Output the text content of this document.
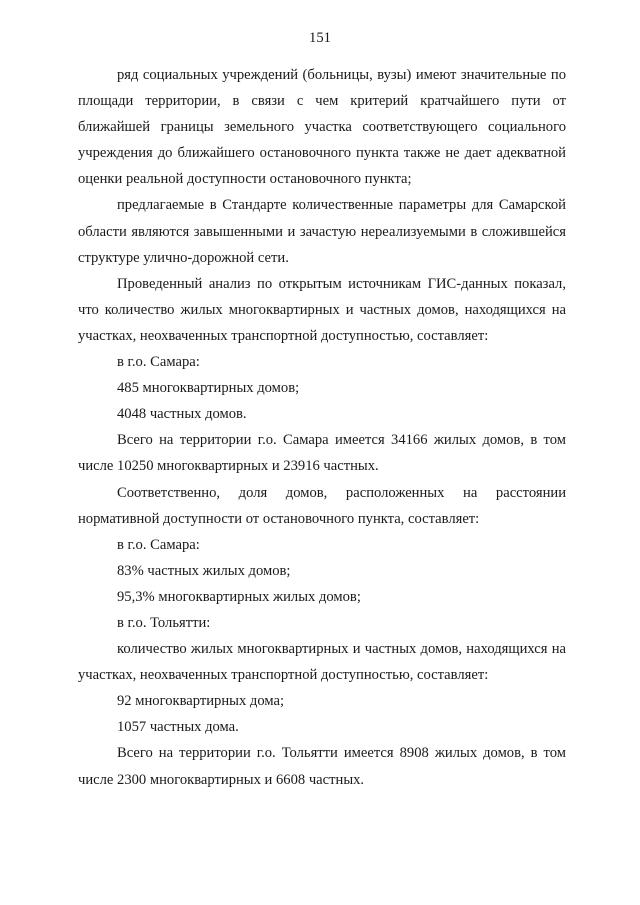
151

ряд социальных учреждений (больницы, вузы) имеют значительные по площади территории, в связи с чем критерий кратчайшего пути от ближайшей границы земельного участка соответствующего социального учреждения до ближайшего остановочного пункта также не дает адекватной оценки реальной доступности остановочного пункта;

предлагаемые в Стандарте количественные параметры для Самарской области являются завышенными и зачастую нереализуемыми в сложившейся структуре улично-дорожной сети.

Проведенный анализ по открытым источникам ГИС-данных показал, что количество жилых многоквартирных и частных домов, находящихся на участках, неохваченных транспортной доступностью, составляет:

в г.о. Самара:

485 многоквартирных домов;

4048 частных домов.

Всего на территории г.о. Самара имеется 34166 жилых домов, в том числе 10250 многоквартирных и 23916 частных.

Соответственно, доля домов, расположенных на расстоянии нормативной доступности от остановочного пункта, составляет:

в г.о. Самара:

83% частных жилых домов;

95,3% многоквартирных жилых домов;

в г.о. Тольятти:

количество жилых многоквартирных и частных домов, находящихся на участках, неохваченных транспортной доступностью, составляет:

92 многоквартирных дома;

1057 частных дома.

Всего на территории г.о. Тольятти имеется 8908 жилых домов, в том числе 2300 многоквартирных и 6608 частных.
